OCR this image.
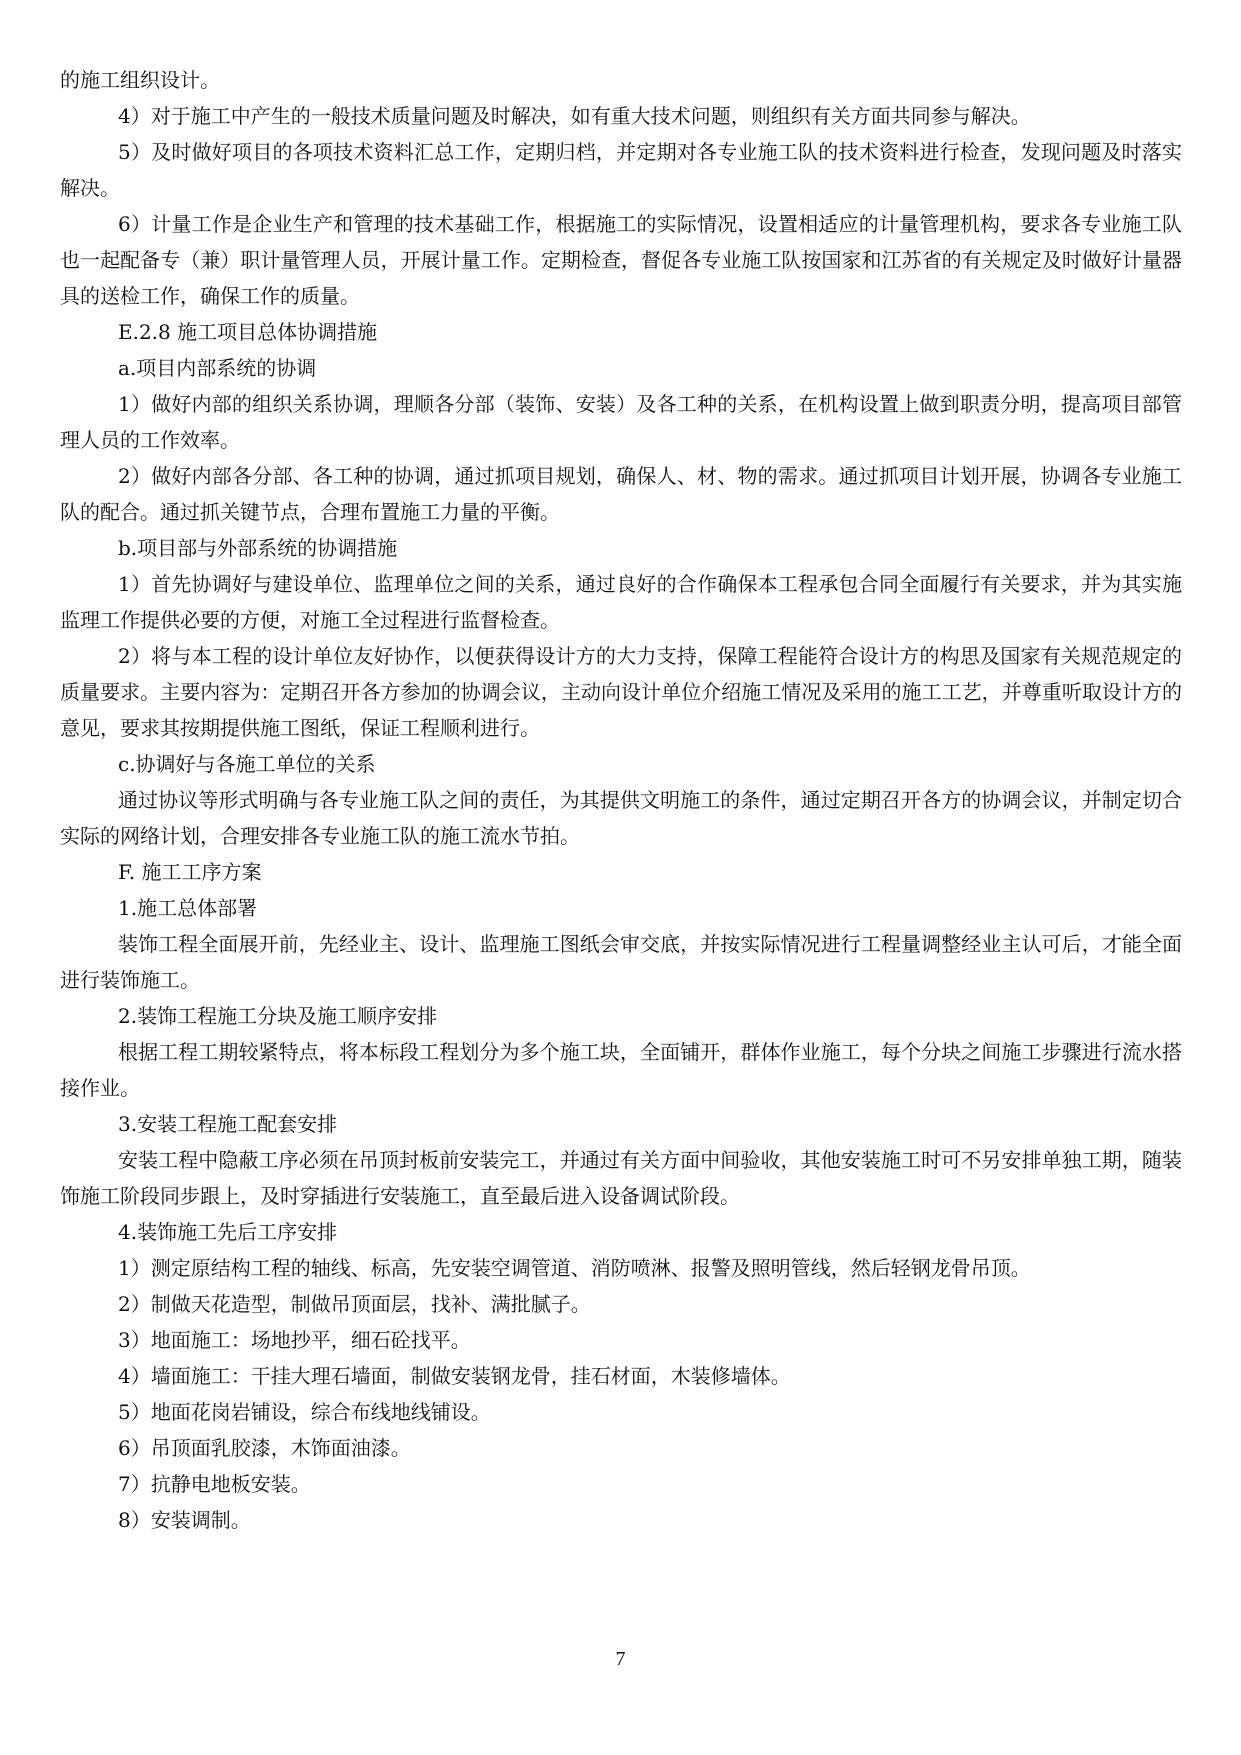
的施工组织设计。

4）对于施工中产生的一般技术质量问题及时解决，如有重大技术问题，则组织有关方面共同参与解决。

5）及时做好项目的各项技术资料汇总工作，定期归档，并定期对各专业施工队的技术资料进行检查，发现问题及时落实解决。

6）计量工作是企业生产和管理的技术基础工作，根据施工的实际情况，设置相适应的计量管理机构，要求各专业施工队也一起配备专（兼）职计量管理人员，开展计量工作。定期检查，督促各专业施工队按国家和江苏省的有关规定及时做好计量器具的送检工作，确保工作的质量。

E.2.8 施工项目总体协调措施

a.项目内部系统的协调

1）做好内部的组织关系协调，理顺各分部（装饰、安装）及各工种的关系，在机构设置上做到职责分明，提高项目部管理人员的工作效率。

2）做好内部各分部、各工种的协调，通过抓项目规划，确保人、材、物的需求。通过抓项目计划开展，协调各专业施工队的配合。通过抓关键节点，合理布置施工力量的平衡。

b.项目部与外部系统的协调措施

1）首先协调好与建设单位、监理单位之间的关系，通过良好的合作确保本工程承包合同全面履行有关要求，并为其实施监理工作提供必要的方便，对施工全过程进行监督检查。

2）将与本工程的设计单位友好协作，以便获得设计方的大力支持，保障工程能符合设计方的构思及国家有关规范规定的质量要求。主要内容为：定期召开各方参加的协调会议，主动向设计单位介绍施工情况及采用的施工工艺，并尊重听取设计方的意见，要求其按期提供施工图纸，保证工程顺利进行。

c.协调好与各施工单位的关系

通过协议等形式明确与各专业施工队之间的责任，为其提供文明施工的条件，通过定期召开各方的协调会议，并制定切合实际的网络计划，合理安排各专业施工队的施工流水节拍。

F. 施工工序方案

1.施工总体部署

装饰工程全面展开前，先经业主、设计、监理施工图纸会审交底，并按实际情况进行工程量调整经业主认可后，才能全面进行装饰施工。

2.装饰工程施工分块及施工顺序安排

根据工程工期较紧特点，将本标段工程划分为多个施工块，全面铺开，群体作业施工，每个分块之间施工步骤进行流水搭接作业。

3.安装工程施工配套安排

安装工程中隐蔽工序必须在吊顶封板前安装完工，并通过有关方面中间验收，其他安装施工时可不另安排单独工期，随装饰施工阶段同步跟上，及时穿插进行安装施工，直至最后进入设备调试阶段。

4.装饰施工先后工序安排

1）测定原结构工程的轴线、标高，先安装空调管道、消防喷淋、报警及照明管线，然后轻钢龙骨吊顶。

2）制做天花造型，制做吊顶面层，找补、满批腻子。

3）地面施工：场地抄平，细石砼找平。

4）墙面施工：干挂大理石墙面，制做安装钢龙骨，挂石材面，木装修墙体。

5）地面花岗岩铺设，综合布线地线铺设。

6）吊顶面乳胶漆，木饰面油漆。

7）抗静电地板安装。

8）安装调制。

7
